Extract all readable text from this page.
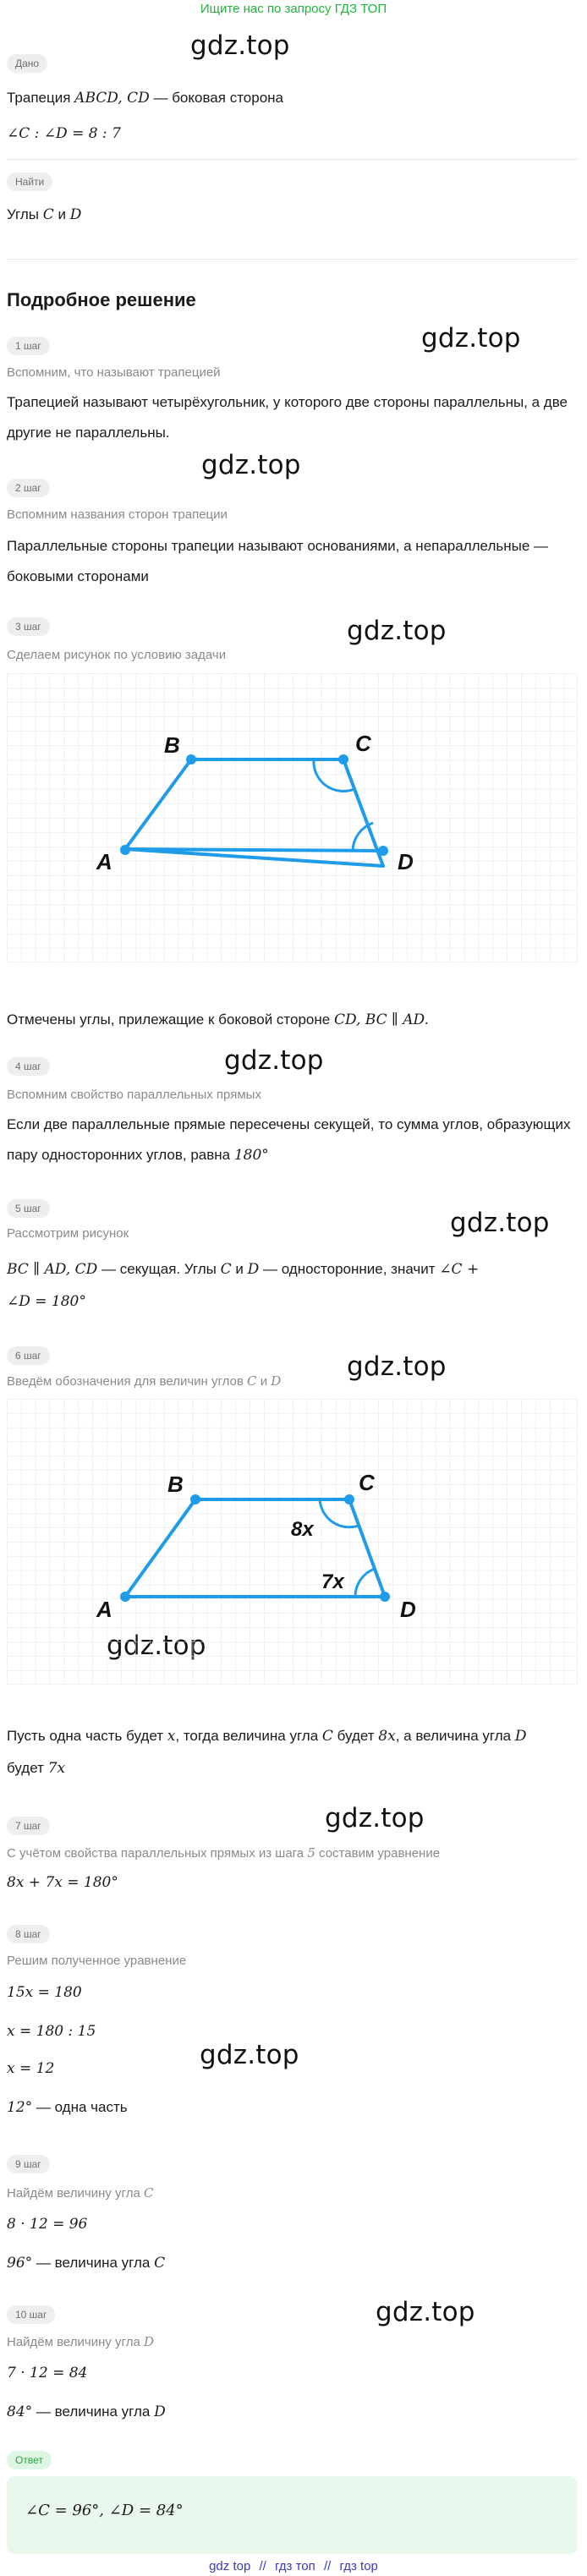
Ищите нас по запросу ГДЗ ТОП
gdz.top
gdz.top
gdz.top
gdz.top
gdz.top
gdz.top
gdz.top
gdz.top
gdz.top
gdz.top
Дано
Трапеция ABCD, CD — боковая сторона
∠C : ∠D = 8 : 7
Найти
Углы C и D
Подробное решение
1 шаг
Вспомним, что называют трапецией
Трапецией называют четырёхугольник, у которого две стороны параллельны, а две другие не параллельны.
2 шаг
Вспомним названия сторон трапеции
Параллельные стороны трапеции называют основаниями, а непараллельные — боковыми сторонами
3 шаг
Сделаем рисунок по условию задачи
A
B	C
D
Отмечены углы, прилежащие к боковой стороне CD, BC ∥ AD.
4 шаг
Вспомним свойство параллельных прямых
Если две параллельные прямые пересечены секущей, то сумма углов, образующих пару односторонних углов, равна 180°
5 шаг
Рассмотрим рисунок
BC ∥ AD, CD — секущая. Углы C и D — односторонние, значит ∠C +
∠D = 180°
6 шаг
Введём обозначения для величин углов C и D
A
B	C
D
8x
7x
Пусть одна часть будет x, тогда величина угла C будет 8x, а величина угла D
будет 7x
7 шаг
С учётом свойства параллельных прямых из шага 5 составим уравнение
8x + 7x = 180°
8 шаг
Решим полученное уравнение
15x = 180
x = 180 : 15
x = 12
12° — одна часть
9 шаг
Найдём величину угла C
8 · 12 = 96
96° — величина угла C
10 шаг
Найдём величину угла D
7 · 12 = 84
84° — величина угла D
Ответ
∠C = 96°, ∠D = 84°
gdz top // гдз топ // гдз top
